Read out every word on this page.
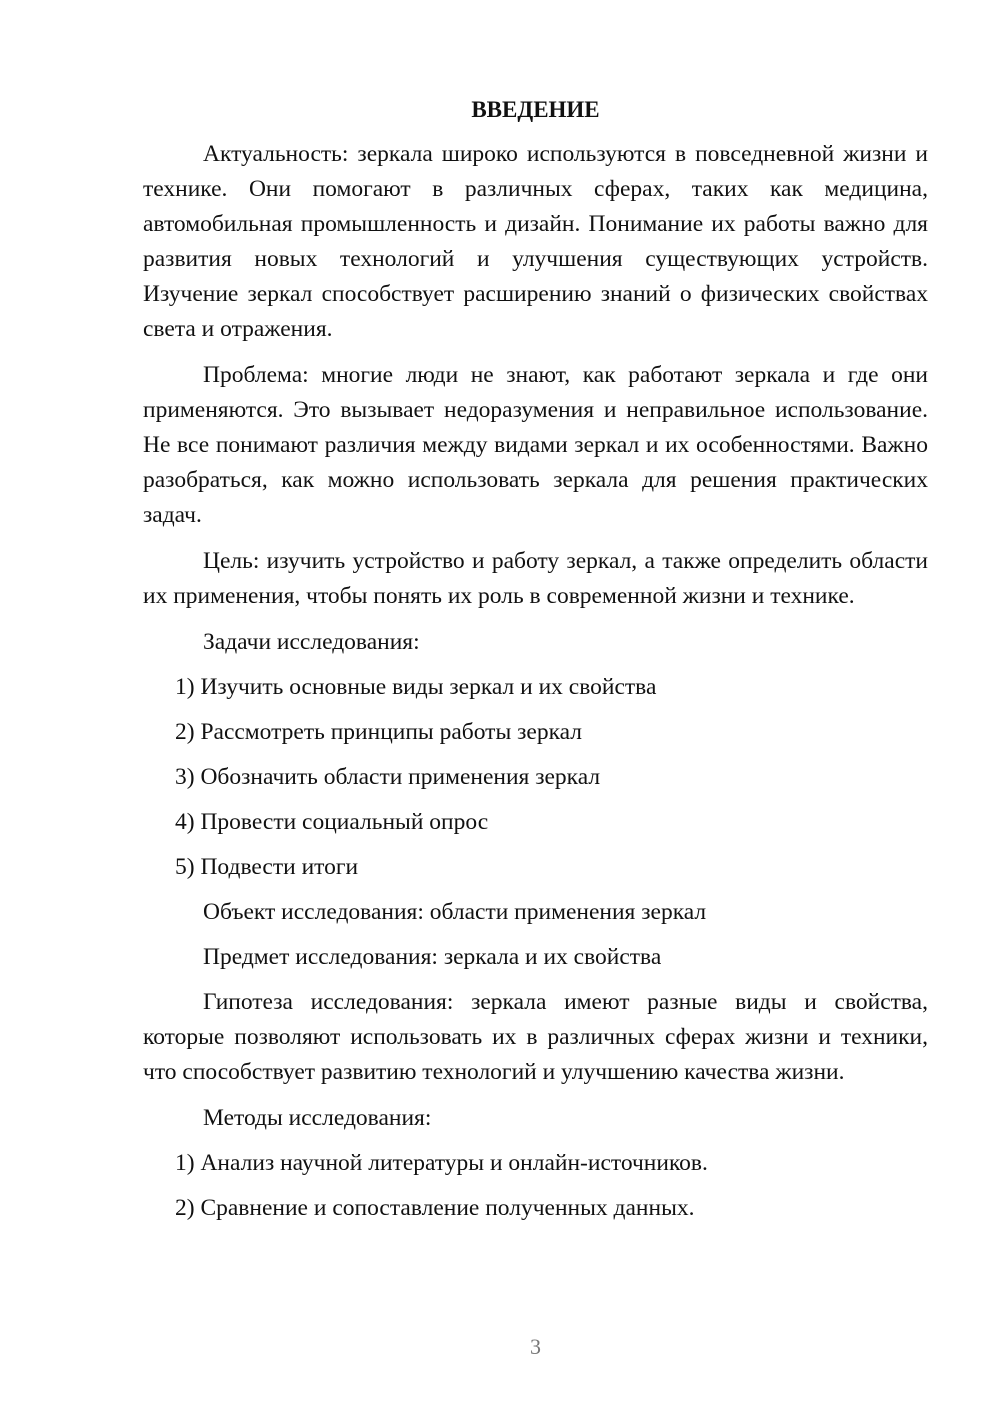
ВВЕДЕНИЕ

Актуальность: зеркала широко используются в повседневной жизни и технике. Они помогают в различных сферах, таких как медицина, автомобильная промышленность и дизайн. Понимание их работы важно для развития новых технологий и улучшения существующих устройств. Изучение зеркал способствует расширению знаний о физических свойствах света и отражения.

Проблема: многие люди не знают, как работают зеркала и где они применяются. Это вызывает недоразумения и неправильное использование. Не все понимают различия между видами зеркал и их особенностями. Важно разобраться, как можно использовать зеркала для решения практических задач.

Цель: изучить устройство и работу зеркал, а также определить области их применения, чтобы понять их роль в современной жизни и технике.

Задачи исследования:
1) Изучить основные виды зеркал и их свойства
2) Рассмотреть принципы работы зеркал
3) Обозначить области применения зеркал
4) Провести социальный опрос
5) Подвести итоги
Объект исследования: области применения зеркал
Предмет исследования: зеркала и их свойства

Гипотеза исследования: зеркала имеют разные виды и свойства, которые позволяют использовать их в различных сферах жизни и техники, что способствует развитию технологий и улучшению качества жизни.

Методы исследования:
1) Анализ научной литературы и онлайн-источников.
2) Сравнение и сопоставление полученных данных.
3
